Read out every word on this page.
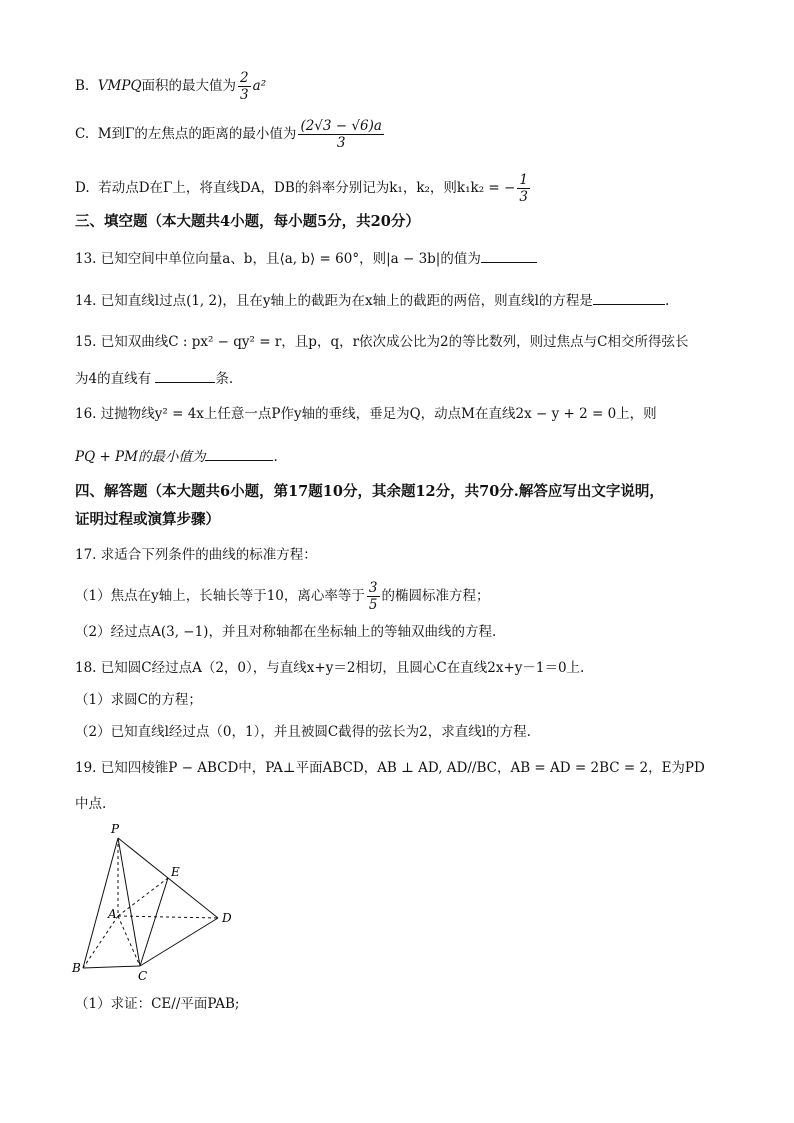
B. VMPQ面积的最大值为 $\frac{2}{3} a^2$
C. M到Γ的左焦点的距离的最小值为 $\frac{(2√3 - √6)a}{3}$
D. 若动点D在Γ上，将直线DA，DB的斜率分别记为k₁，k₂，则k₁k₂ = − $\frac{1}{3}$
三、填空题（本大题共4小题，每小题5分，共20分）
13. 已知空间中单位向量a、b，且⟨a, b⟩ = 60°，则|a − 3b|的值为
14. 已知直线l过点(1, 2)，且在y轴上的截距为在x轴上的截距的两倍，则直线l的方程是	.
15. 已知双曲线C : px² − qy² = r，且p，q，r依次成公比为2的等比数列，则过焦点与C相交所得弦长
为4的直线有	条.
16. 过抛物线y² = 4x上任意一点P作y轴的垂线，垂足为Q，动点M在直线2x − y + 2 = 0上，则
PQ + PM的最小值为	.
四、解答题（本大题共6小题，第17题10分，其余题12分，共70分.解答应写出文字说明，
证明过程或演算步骤）
17. 求适合下列条件的曲线的标准方程：
（1）焦点在y轴上，长轴长等于10，离心率等于 $\frac{3}{5}$ 的椭圆标准方程；
（2）经过点A(3, −1)，并且对称轴都在坐标轴上的等轴双曲线的方程.
18. 已知圆C经过点A（2，0），与直线x+y＝2相切，且圆心C在直线2x+y－1＝0上.
（1）求圆C的方程；
（2）已知直线l经过点（0，1），并且被圆C截得的弦长为2，求直线l的方程.
19. 已知四棱锥P − ABCD中，PA⊥平面ABCD，AB ⊥ AD, AD//BC，AB = AD = 2BC = 2，E为PD
中点.
P
E
A	D
B
C
（1）求证：CE//平面PAB;
